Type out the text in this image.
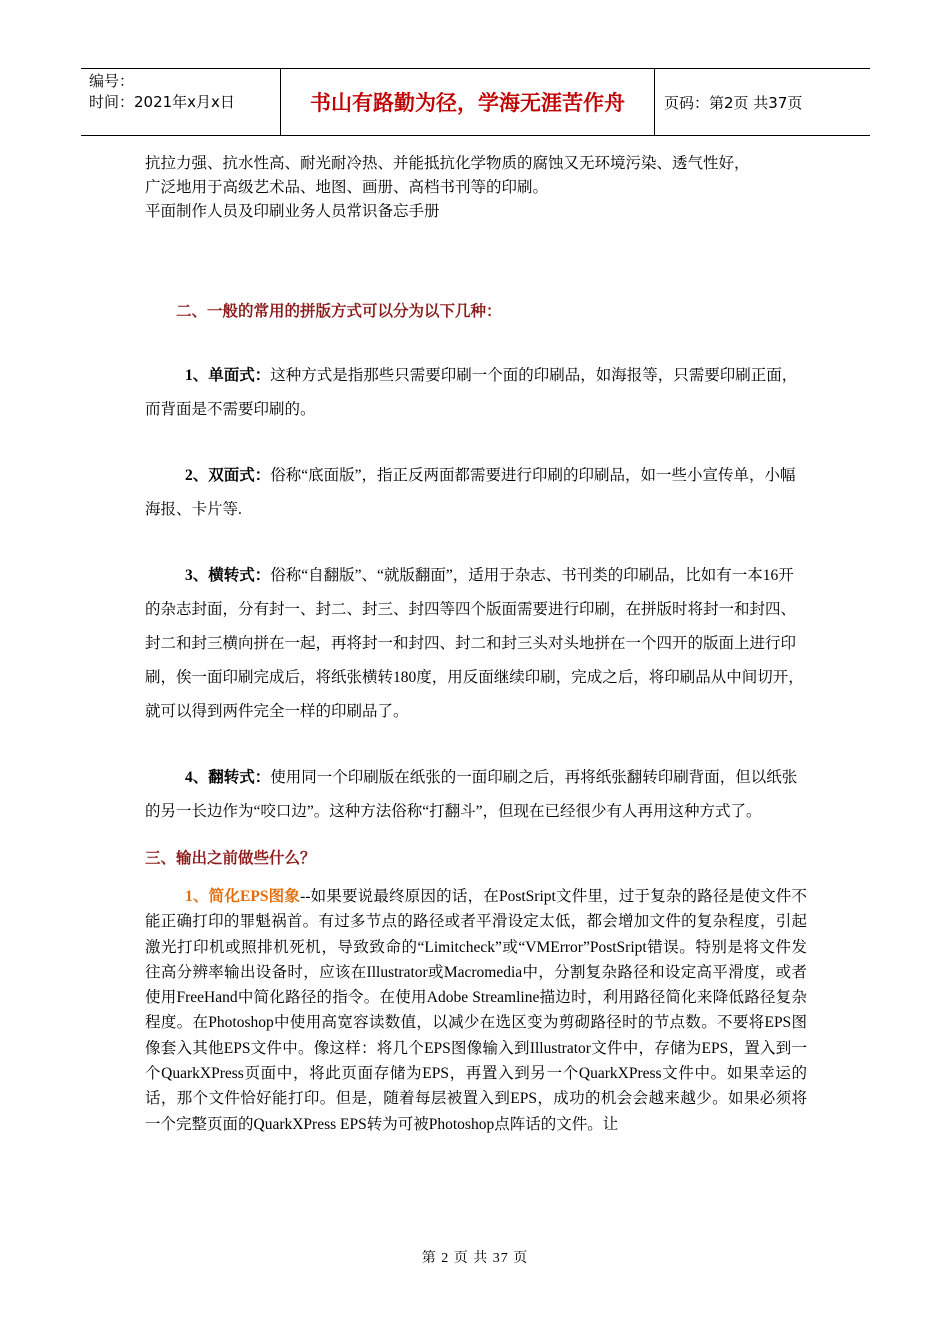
编号：
时间：2021年x月x日	书山有路勤为径，学海无涯苦作舟	页码：第2页 共37页

抗拉力强、抗水性高、耐光耐冷热、并能抵抗化学物质的腐蚀又无环境污染、透气性好，

广泛地用于高级艺术品、地图、画册、高档书刊等的印刷。

平面制作人员及印刷业务人员常识备忘手册

二、一般的常用的拼版方式可以分为以下几种：

1、单面式：这种方式是指那些只需要印刷一个面的印刷品，如海报等，只需要印刷正面，而背面是不需要印刷的。

2、双面式：俗称“底面版”，指正反两面都需要进行印刷的印刷品，如一些小宣传单，小幅海报、卡片等.

3、横转式：俗称“自翻版”、“就版翻面”，适用于杂志、书刊类的印刷品，比如有一本16开的杂志封面，分有封一、封二、封三、封四等四个版面需要进行印刷，在拼版时将封一和封四、封二和封三横向拼在一起，再将封一和封四、封二和封三头对头地拼在一个四开的版面上进行印刷，俟一面印刷完成后，将纸张横转180度，用反面继续印刷，完成之后，将印刷品从中间切开，就可以得到两件完全一样的印刷品了。

4、翻转式：使用同一个印刷版在纸张的一面印刷之后，再将纸张翻转印刷背面，但以纸张的另一长边作为“咬口边”。这种方法俗称“打翻斗”，但现在已经很少有人再用这种方式了。

三、输出之前做些什么？

1、简化EPS图象--如果要说最终原因的话，在PostSript文件里，过于复杂的路径是使文件不能正确打印的罪魁祸首。有过多节点的路径或者平滑设定太低，都会增加文件的复杂程度，引起激光打印机或照排机死机，导致致命的“Limitcheck”或“VMError”PostSript错误。特别是将文件发往高分辨率输出设备时，应该在Illustrator或Macromedia中，分割复杂路径和设定高平滑度，或者使用FreeHand中简化路径的指令。在使用Adobe Streamline描边时，利用路径简化来降低路径复杂程度。在Photoshop中使用高宽容读数值，以减少在选区变为剪砌路径时的节点数。不要将EPS图像套入其他EPS文件中。像这样：将几个EPS图像输入到Illustrator文件中，存储为EPS，置入到一个QuarkXPress页面中，将此页面存储为EPS，再置入到另一个QuarkXPress文件中。如果幸运的话，那个文件恰好能打印。但是，随着每层被置入到EPS，成功的机会会越来越少。如果必须将一个完整页面的QuarkXPress EPS转为可被Photoshop点阵话的文件。让

第 2 页 共 37 页
